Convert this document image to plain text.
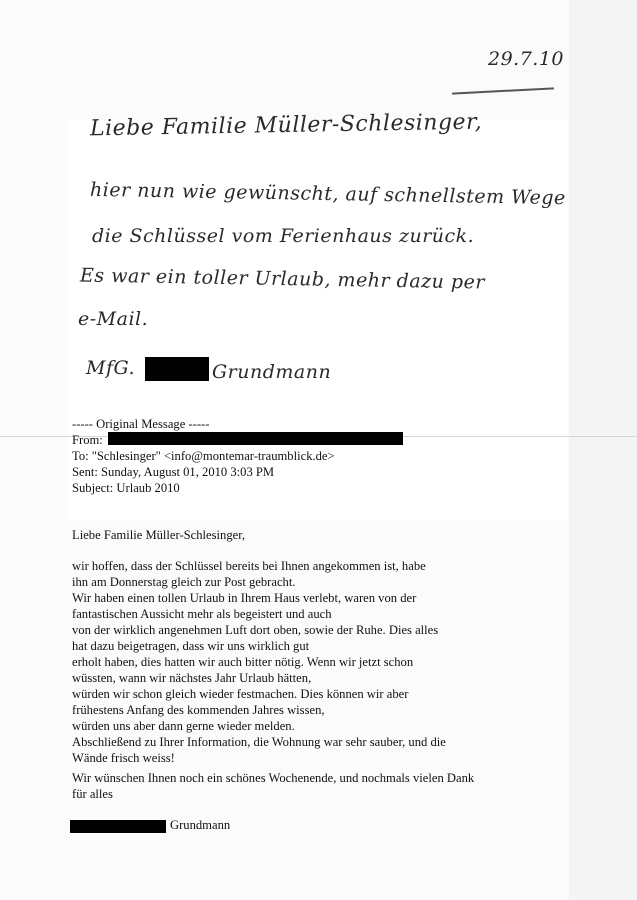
29.7.10
Liebe Familie Müller-Schlesinger,
hier nun wie gewünscht, auf schnellstem Wege
die Schlüssel vom Ferienhaus zurück.
Es war ein toller Urlaub, mehr dazu per
e-Mail.
MfG.	Grundmann
----- Original Message -----
From:
To: "Schlesinger" <info@montemar-traumblick.de>
Sent: Sunday, August 01, 2010 3:03 PM
Subject: Urlaub 2010
Liebe Familie Müller-Schlesinger,
wir hoffen, dass der Schlüssel bereits bei Ihnen angekommen ist, habe
ihn am Donnerstag gleich zur Post gebracht.
Wir haben einen tollen Urlaub in Ihrem Haus verlebt, waren von der
fantastischen Aussicht mehr als begeistert und auch
von der wirklich angenehmen Luft dort oben, sowie der Ruhe. Dies alles
hat dazu beigetragen, dass wir uns wirklich gut
erholt haben, dies hatten wir auch bitter nötig. Wenn wir jetzt schon
wüssten, wann wir nächstes Jahr Urlaub hätten,
würden wir schon gleich wieder festmachen. Dies können wir aber
frühestens Anfang des kommenden Jahres wissen,
würden uns aber dann gerne wieder melden.
Abschließend zu Ihrer Information, die Wohnung war sehr sauber, und die
Wände frisch weiss!
Wir wünschen Ihnen noch ein schönes Wochenende, und nochmals vielen Dank
für alles
Grundmann
